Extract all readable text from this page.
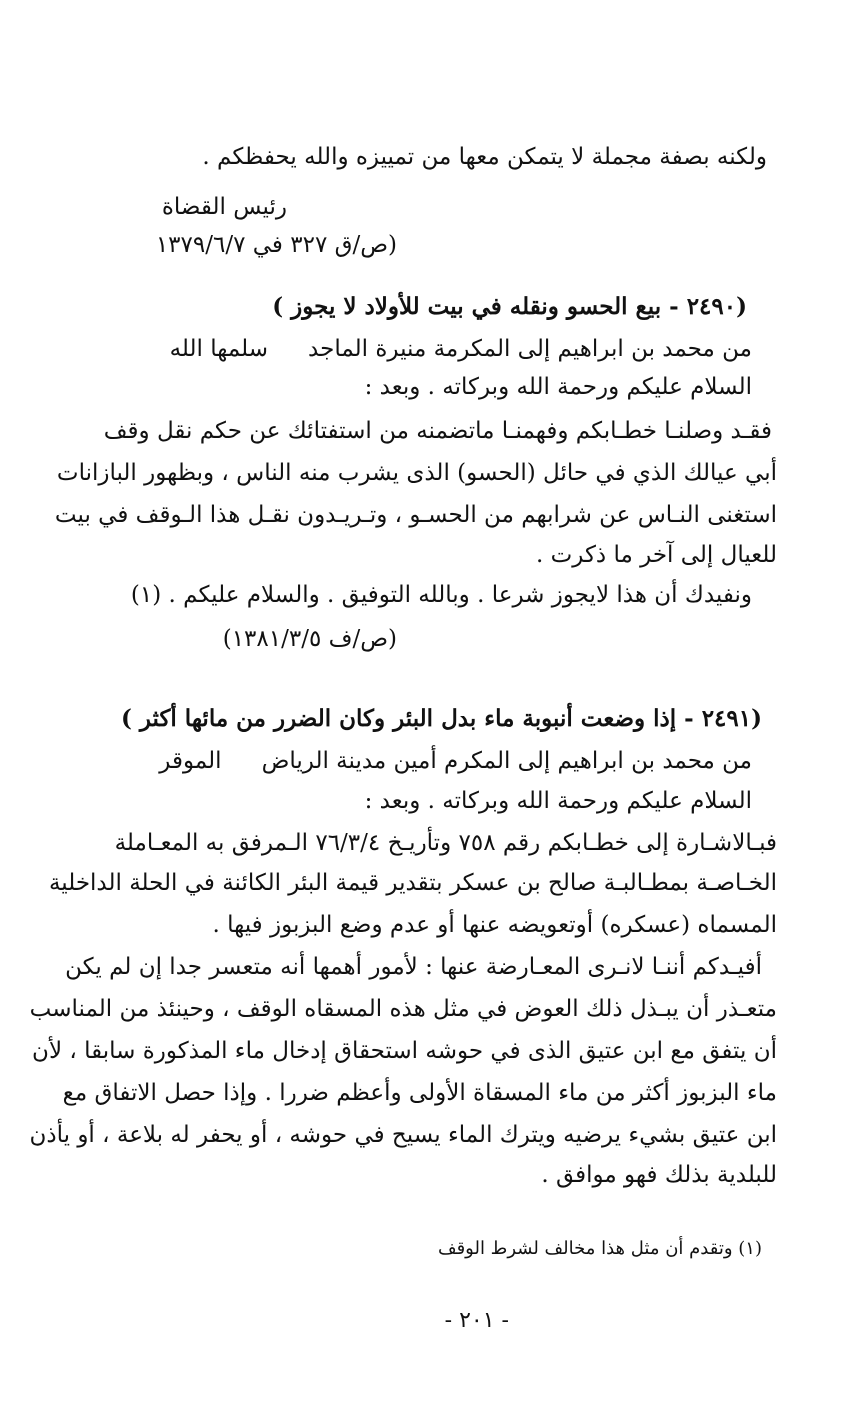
ولكنه بصفة مجملة لا يتمكن معها من تمييزه والله يحفظكم .
رئيس القضاة
(ص/ق ٣٢٧ في ١٣٧٩/٦/٧
(٢٤٩٠ - بيع الحسو ونقله في بيت للأولاد لا يجوز )
من محمد بن ابراهيم إلى المكرمة منيرة الماجدسلمها الله
السلام عليكم ورحمة الله وبركاته . وبعد :
فقـد وصلنـا خطـابكم وفهمنـا ماتضمنه من استفتائك عن حكم نقل وقف
أبي عيالك الذي في حائل (الحسو) الذى يشرب منه الناس ، وبظهور البازانات
استغنى النـاس عن شرابهم من الحسـو ، وتـريـدون نقـل هذا الـوقف في بيت
للعيال إلى آخر ما ذكرت .
ونفيدك أن هذا لايجوز شرعا . وبالله التوفيق . والسلام عليكم . (١)
(ص/ف ١٣٨١/٣/٥)
(٢٤٩١ - إذا وضعت أنبوبة ماء بدل البئر وكان الضرر من مائها أكثر )
من محمد بن ابراهيم إلى المكرم أمين مدينة الرياضالموقر
السلام عليكم ورحمة الله وبركاته . وبعد :
فبـالاشـارة إلى خطـابكم رقم ٧٥٨ وتأريـخ ٧٦/٣/٤ الـمرفق به المعـاملة
الخـاصـة بمطـالبـة صالح بن عسكر بتقدير قيمة البئر الكائنة في الحلة الداخلية
المسماه (عسكره) أوتعويضه عنها أو عدم وضع البزبوز فيها .
أفيـدكم أننـا لانـرى المعـارضة عنها : لأمور أهمها أنه متعسر جدا إن لم يكن
متعـذر أن يبـذل ذلك العوض في مثل هذه المسقاه الوقف ، وحينئذ من المناسب
أن يتفق مع ابن عتيق الذى في حوشه استحقاق إدخال ماء المذكورة سابقا ، لأن
ماء البزبوز أكثر من ماء المسقاة الأولى وأعظم ضررا . وإذا حصل الاتفاق مع
ابن عتيق بشيء يرضيه ويترك الماء يسيح في حوشه ، أو يحفر له بلاعة ، أو يأذن
للبلدية بذلك فهو موافق .
(١) وتقدم أن مثل هذا مخالف لشرط الوقف
- ٢٠١ -
